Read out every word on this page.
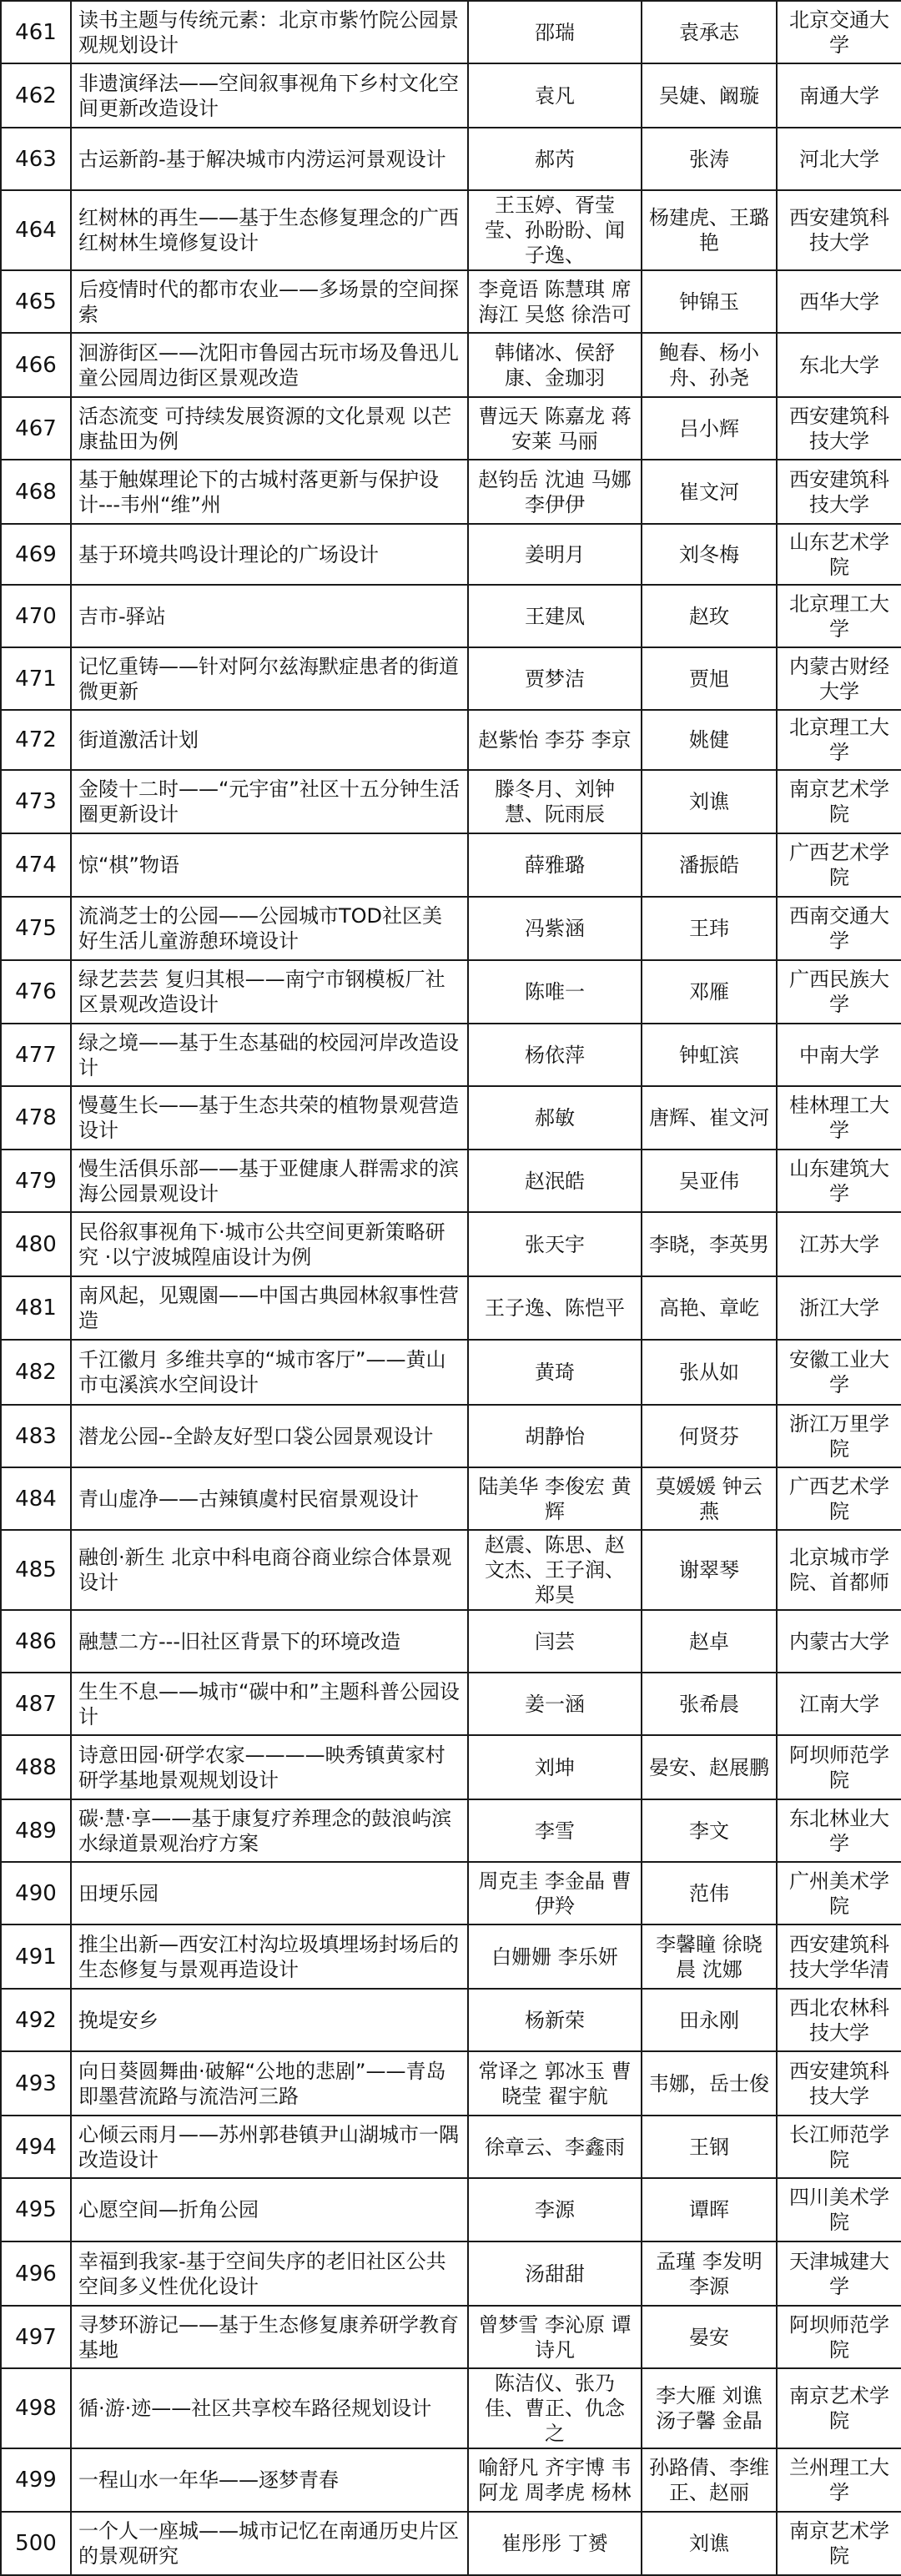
461	读书主题与传统元素：北京市紫竹院公园景观规划设计	邵瑞	袁承志	北京交通大学
462	非遗演绎法——空间叙事视角下乡村文化空间更新改造设计	袁凡	吴婕、阚璇	南通大学
463	古运新韵-基于解决城市内涝运河景观设计	郝芮	张涛	河北大学
464	红树林的再生——基于生态修复理念的广西红树林生境修复设计	王玉婷、胥莹莹、孙盼盼、闻子逸、	杨建虎、王璐艳	西安建筑科技大学
465	后疫情时代的都市农业——多场景的空间探索	李竟语 陈慧琪 席海江 吴悠 徐浩可	钟锦玉	西华大学
466	洄游街区——沈阳市鲁园古玩市场及鲁迅儿童公园周边街区景观改造	韩储冰、侯舒康、金珈羽	鲍春、杨小舟、孙尧	东北大学
467	活态流变 可持续发展资源的文化景观 以芒康盐田为例	曹远天 陈嘉龙 蒋安莱 马丽	吕小辉	西安建筑科技大学
468	基于触媒理论下的古城村落更新与保护设计---韦州“维”州	赵钧岳 沈迪 马娜 李伊伊	崔文河	西安建筑科技大学
469	基于环境共鸣设计理论的广场设计	姜明月	刘冬梅	山东艺术学院
470	吉市-驿站	王建凤	赵玫	北京理工大学
471	记忆重铸——针对阿尔兹海默症患者的街道微更新	贾梦洁	贾旭	内蒙古财经大学
472	街道激活计划	赵紫怡 李芬 李京	姚健	北京理工大学
473	金陵十二时——“元宇宙”社区十五分钟生活圈更新设计	滕冬月、刘钟慧、阮雨辰	刘谯	南京艺术学院
474	惊“棋”物语	薛雅璐	潘振皓	广西艺术学院
475	流淌芝士的公园——公园城市TOD社区美好生活儿童游憩环境设计	冯紫涵	王玮	西南交通大学
476	绿艺芸芸 复归其根——南宁市钢模板厂社区景观改造设计	陈唯一	邓雁	广西民族大学
477	绿之境——基于生态基础的校园河岸改造设计	杨依萍	钟虹滨	中南大学
478	慢蔓生长——基于生态共荣的植物景观营造设计	郝敏	唐辉、崔文河	桂林理工大学
479	慢生活俱乐部——基于亚健康人群需求的滨海公园景观设计	赵泯皓	吴亚伟	山东建筑大学
480	民俗叙事视角下·城市公共空间更新策略研究 ·以宁波城隍庙设计为例	张天宇	李晓，李英男	江苏大学
481	南风起，见覭園——中国古典园林叙事性营造	王子逸、陈恺平	高艳、章屹	浙江大学
482	千江徽月 多维共享的“城市客厅”——黄山市屯溪滨水空间设计	黄琦	张从如	安徽工业大学
483	潜龙公园--全龄友好型口袋公园景观设计	胡静怡	何贤芬	浙江万里学院
484	青山虚净——古辣镇虞村民宿景观设计	陆美华 李俊宏 黄辉	莫媛媛 钟云燕	广西艺术学院
485	融创·新生 北京中科电商谷商业综合体景观设计	赵震、陈思、赵文杰、王子润、郑昊	谢翠琴	北京城市学院、首都师
486	融慧二方---旧社区背景下的环境改造	闫芸	赵卓	内蒙古大学
487	生生不息——城市“碳中和”主题科普公园设计	姜一涵	张希晨	江南大学
488	诗意田园·研学农家————映秀镇黄家村研学基地景观规划设计	刘坤	晏安、赵展鹏	阿坝师范学院
489	碳·慧·享——基于康复疗养理念的鼓浪屿滨水绿道景观治疗方案	李雪	李文	东北林业大学
490	田埂乐园	周克圭 李金晶 曹伊羚	范伟	广州美术学院
491	推尘出新—西安江村沟垃圾填埋场封场后的生态修复与景观再造设计	白姗姗 李乐妍	李馨瞳 徐晓晨 沈娜	西安建筑科技大学华清
492	挽堤安乡	杨新荣	田永刚	西北农林科技大学
493	向日葵圆舞曲·破解“公地的悲剧”——青岛即墨营流路与流浩河三路	常译之 郭冰玉 曹晓莹 翟宇航	韦娜，岳士俊	西安建筑科技大学
494	心倾云雨月——苏州郭巷镇尹山湖城市一隅改造设计	徐章云、李鑫雨	王钢	长江师范学院
495	心愿空间—折角公园	李源	谭晖	四川美术学院
496	幸福到我家-基于空间失序的老旧社区公共空间多义性优化设计	汤甜甜	孟瑾 李发明 李源	天津城建大学
497	寻梦环游记——基于生态修复康养研学教育基地	曾梦雪 李沁原 谭诗凡	晏安	阿坝师范学院
498	循·游·迹——社区共享校车路径规划设计	陈洁仪、张乃佳、曹正、仇念之	李大雁 刘谯 汤子馨 金晶	南京艺术学院
499	一程山水一年华——逐梦青春	喻舒凡 齐宇博 韦阿龙 周孝虎 杨林	孙路倩、李维正、赵丽	兰州理工大学
500	一个人一座城——城市记忆在南通历史片区的景观研究	崔彤彤 丁赟	刘谯	南京艺术学院
